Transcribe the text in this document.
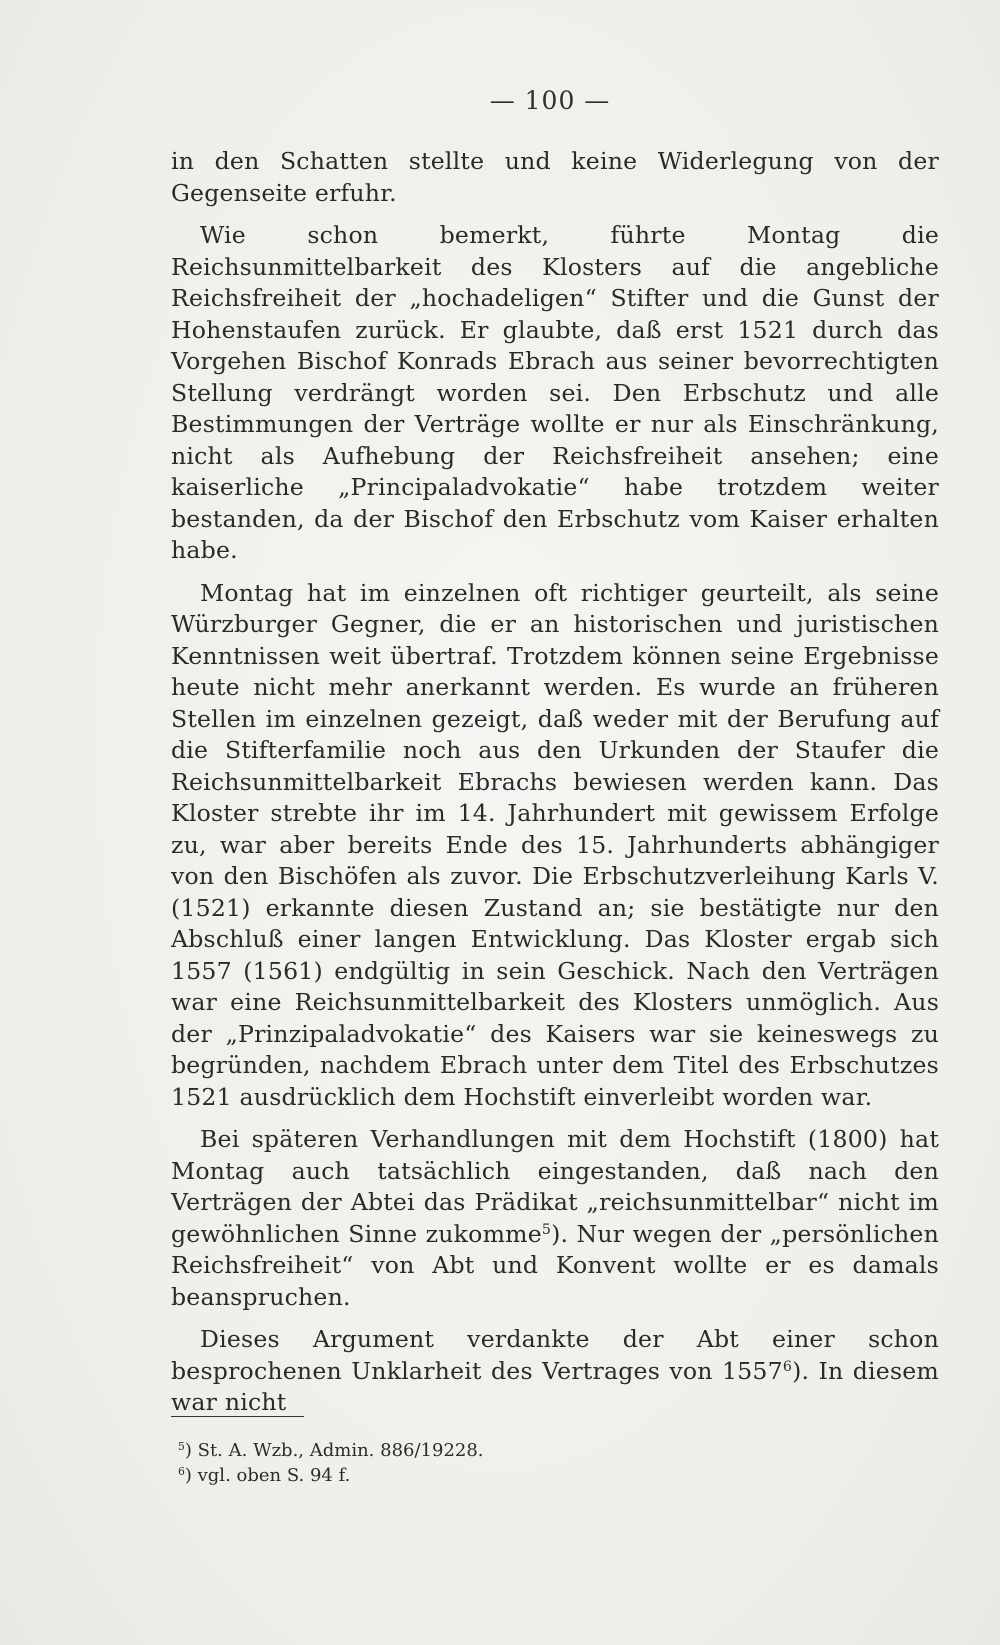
— 100 —

in den Schatten stellte und keine Widerlegung von der Gegenseite erfuhr.

Wie schon bemerkt, führte Montag die Reichsunmittelbarkeit des Klosters auf die angebliche Reichsfreiheit der „hochadeligen“ Stifter und die Gunst der Hohenstaufen zurück. Er glaubte, daß erst 1521 durch das Vorgehen Bischof Konrads Ebrach aus seiner bevorrechtigten Stellung verdrängt worden sei. Den Erbschutz und alle Bestimmungen der Verträge wollte er nur als Einschränkung, nicht als Aufhebung der Reichsfreiheit ansehen; eine kaiserliche „Principaladvokatie“ habe trotzdem weiter bestanden, da der Bischof den Erbschutz vom Kaiser erhalten habe.

Montag hat im einzelnen oft richtiger geurteilt, als seine Würzburger Gegner, die er an historischen und juristischen Kenntnissen weit übertraf. Trotzdem können seine Ergebnisse heute nicht mehr anerkannt werden. Es wurde an früheren Stellen im einzelnen gezeigt, daß weder mit der Berufung auf die Stifterfamilie noch aus den Urkunden der Staufer die Reichsunmittelbarkeit Ebrachs bewiesen werden kann. Das Kloster strebte ihr im 14. Jahrhundert mit gewissem Erfolge zu, war aber bereits Ende des 15. Jahrhunderts abhängiger von den Bischöfen als zuvor. Die Erbschutzverleihung Karls V. (1521) erkannte diesen Zustand an; sie bestätigte nur den Abschluß einer langen Entwicklung. Das Kloster ergab sich 1557 (1561) endgültig in sein Geschick. Nach den Verträgen war eine Reichsunmittelbarkeit des Klosters unmöglich. Aus der „Prinzipaladvokatie“ des Kaisers war sie keineswegs zu begründen, nachdem Ebrach unter dem Titel des Erbschutzes 1521 ausdrücklich dem Hochstift einverleibt worden war.

Bei späteren Verhandlungen mit dem Hochstift (1800) hat Montag auch tatsächlich eingestanden, daß nach den Verträgen der Abtei das Prädikat „reichsunmittelbar“ nicht im gewöhnlichen Sinne zukomme$^5$). Nur wegen der „persönlichen Reichsfreiheit“ von Abt und Konvent wollte er es damals beanspruchen.

Dieses Argument verdankte der Abt einer schon besprochenen Unklarheit des Vertrages von 1557$^6$). In diesem war nicht

$^5$) St. A. Wzb., Admin. 886/19228.

$^6$) vgl. oben S. 94 f.
